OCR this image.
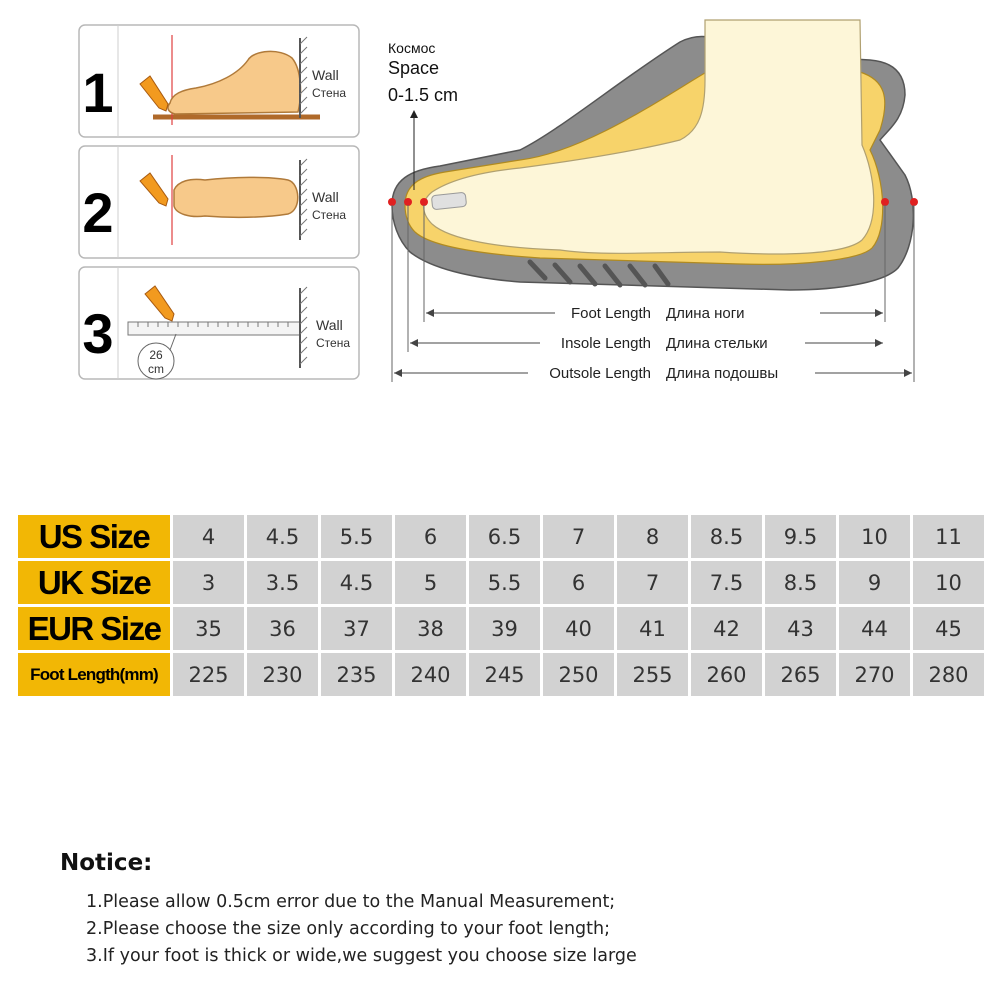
1	Wall
Стена
2	Wall
Стена
3	26
cm
Wall
Стена
Космос
Space
0-1.5 cm
Foot Length Длина ноги
Insole Length Длина стельки
Outsole Length Длина подошвы
US Size	4	4.5	5.5	6	6.5	7	8	8.5	9.5	10	11
UK Size	3	3.5	4.5	5	5.5	6	7	7.5	8.5	9	10
EUR Size	35	36	37	38	39	40	41	42	43	44	45
Foot Length(mm)	225	230	235	240	245	250	255	260	265	270	280
Notice:
1.Please allow 0.5cm error due to the Manual Measurement;
2.Please choose the size only according to your foot length;
3.If your foot is thick or wide,we suggest you choose size large
